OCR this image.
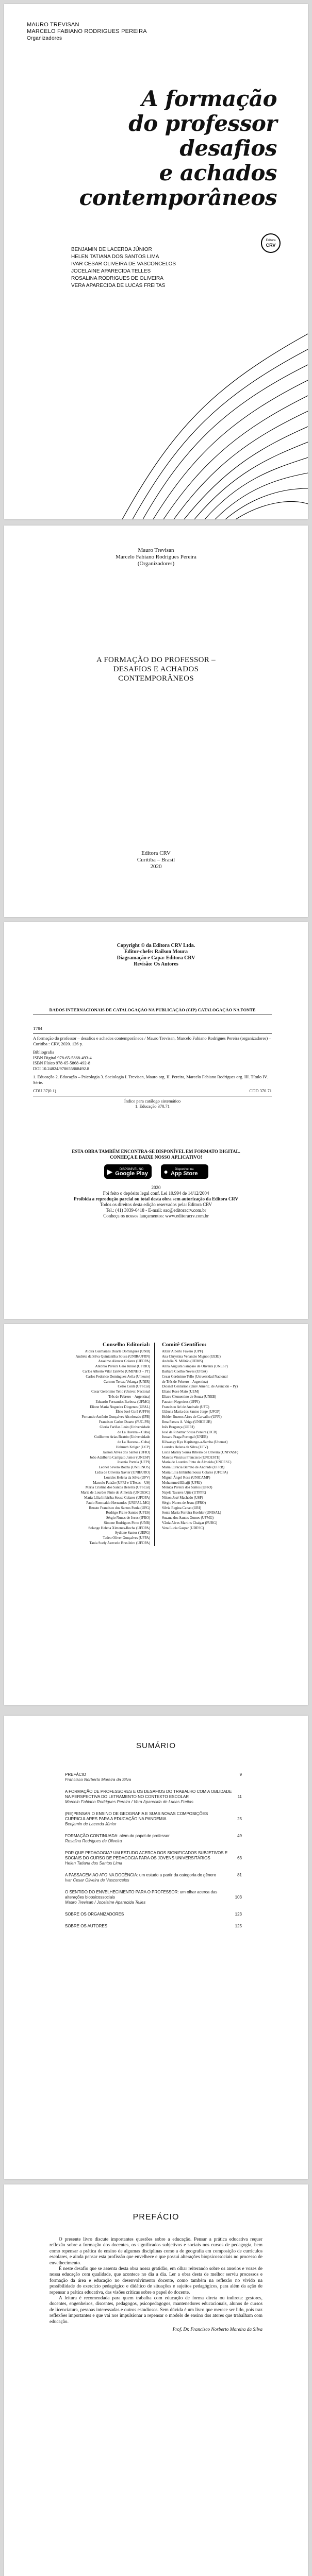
MAURO TREVISAN
MARCELO FABIANO RODRIGUES PEREIRA
Organizadores
A formação
do professor
desafios
e achados
contemporâneos
Editora
CRV
BENJAMIN DE LACERDA JÚNIOR
HELEN TATIANA DOS SANTOS LIMA
IVAR CESAR OLIVEIRA DE VASCONCELOS
JOCELAINE APARECIDA TELLES
ROSALINA RODRIGUES DE OLIVEIRA
VERA APARECIDA DE LUCAS FREITAS
Mauro Trevisan
Marcelo Fabiano Rodrigues Pereira
(Organizadores)
A FORMAÇÃO DO PROFESSOR –
DESAFIOS E ACHADOS
CONTEMPORÂNEOS
Editora CRV
Curitiba – Brasil
2020
Copyright © da Editora CRV Ltda.
Editor-chefe: Railson Moura
Diagramação e Capa: Editora CRV
Revisão: Os Autores
DADOS INTERNACIONAIS DE CATALOGAÇÃO NA PUBLICAÇÃO (CIP) CATALOGAÇÃO NA FONTE
T784
A formação do professor – desafios e achados contemporâneos / Mauro Trevisan, Marcelo Fabiano Rodrigues Pereira (organizadores) – Curitiba : CRV, 2020. 126 p.
Bibliografia
ISBN Digital 978-65-5868-493-4
ISBN Físico 978-65-5868-492-8
DOI 10.24824/978655868492.8
1. Educação 2. Educação – Psicologia 3. Sociologia I. Trevisan, Mauro org. II. Pereira, Marcelo Fabiano Rodrigues org. III. Título IV. Série.
CDU 37(0.1)	CDD 370.71
Índice para catálogo sistemático
1. Educação 370.71
ESTA OBRA TAMBÉM ENCONTRA-SE DISPONÍVEL EM FORMATO DIGITAL.
CONHEÇA E BAIXE NOSSO APLICATIVO!
▶	DISPONÍVEL NO
Google Play ●	Disponível na
App Store
2020
Foi feito o depósito legal conf. Lei 10.994 de 14/12/2004
Proibida a reprodução parcial ou total desta obra sem autorização da Editora CRV
Todos os direitos desta edição reservados pela: Editora CRV
Tel.: (41) 3039-6418 - E-mail: sac@editoracrv.com.br
Conheça os nossos lançamentos: www.editoracrv.com.br
Conselho Editorial:
Aldira Guimarães Duarte Domínguez (UNB)
Andréia da Silva Quintanilha Sousa (UNIR/UFRN)
Anselmo Alencar Colares (UFOPA)
Antônio Pereira Gaio Júnior (UFRRJ)
Carlos Alberto Vilar Estêvão (UMINHO – PT)
Carlos Federico Dominguez Avila (Unieuro)
Carmen Tereza Velanga (UNIR)
Celso Conti (UFSCar)
Cesar Gerónimo Tello (Univer. Nacional
Três de Febrero – Argentina)
Eduardo Fernandes Barbosa (UFMG)
Elione Maria Nogueira Diogenes (UFAL)
Élsio José Corá (UFFS)
Fernando Antônio Gonçalves Alcoforado (IPB)
Francisco Carlos Duarte (PUC-PR)
Gloria Fariñas León (Universidade
de La Havana – Cuba)
Guillermo Arias Beatón (Universidade
de La Havana – Cuba)
Helmuth Krüger (UCP)
Jailson Alves dos Santos (UFRJ)
João Adalberto Campato Junior (UNESP)
Josania Portela (UFPI)
Leonel Severo Rocha (UNISINOS)
Lídia de Oliveira Xavier (UNIEURO)
Lourdes Helena da Silva (UFV)
Marcelo Paixão (UFRJ e UTexas – US)
Maria Cristina dos Santos Bezerra (UFSCar)
Maria de Lourdes Pinto de Almeida (UNOESC)
Maria Lília Imbiriba Sousa Colares (UFOPA)
Paulo Romualdo Hernandes (UNIFAL-MG)
Renato Francisco dos Santos Paula (UFG)
Rodrigo Pratte-Santos (UFES)
Sérgio Nunes de Jesus (IFRO)
Simone Rodrigues Pinto (UNB)
Solange Helena Ximenes-Rocha (UFOPA)
Sydione Santos (UEPG)
Tadeu Oliver Gonçalves (UFPA)
Tania Suely Azevedo Brasileiro (UFOPA)
Comitê Científico:
Altair Alberto Fávero (UPF)
Ana Chrystina Venancio Mignot (UERJ)
Andréia N. Militão (UEMS)
Anna Augusta Sampaio de Oliveira (UNESP)
Barbara Coelho Neves (UFBA)
Cesar Gerónimo Tello (Universidad Nacional
de Três de Febrero – Argentina)
Diosnel Centurion (Univ Americ. de Asunción – Py)
Eliane Rose Maio (UEM)
Elizeu Clementino de Souza (UNEB)
Fauston Negreiros (UFPI)
Francisco Ari de Andrade (UFC)
Gláucia Maria dos Santos Jorge (UFOP)
Helder Buenos Aires de Carvalho (UFPI)
Ilma Passos A. Veiga (UNICEUB)
Inês Bragança (UERJ)
José de Ribamar Sousa Pereira (UCB)
Jussara Fraga Portugal (UNEB)
Kilwangy Kya Kapitango-a-Samba (Unemat)
Lourdes Helena da Silva (UFV)
Lucia Marisy Souza Ribeiro de Oliveira (UNIVASF)
Marcos Vinicius Francisco (UNOESTE)
Maria de Lourdes Pinto de Almeida (UNOESC)
Maria Eurácia Barreto de Andrade (UFRB)
Maria Lília Imbiriba Sousa Colares (UFOPA)
Míguel Ángel Rosa (UNICAMP)
Mohammed Elhajji (UFRJ)
Mônica Pereira dos Santos (UFRJ)
Najela Tavares Ujiie (UTFPR)
Nilson José Machado (USP)
Sérgio Nunes de Jesus (IFRO)
Silvia Regina Canan (URI)
Sonia Maria Ferreira Koehler (UNISAL)
Suzana dos Santos Gomes (UFMG)
Vânia Alves Martins Chaigar (FURG)
Vera Lucia Gaspar (UDESC)
SUMÁRIO
PREFÁCIO	9
Francisco Norberto Moreira da Silva
A FORMAÇÃO DE PROFESSORES E OS DESAFIOS DO TRABALHO COM A OBLIDADE NA PERSPECTIVA DO LETRAMENTO NO CONTEXTO ESCOLAR	11
Marcelo Fabiano Rodrigues Pereira / Vera Aparecida de Lucas Freitas
(RE)PENSAR O ENSINO DE GEOGRAFIA E SUAS NOVAS COMPOSIÇÕES CURRICULARES PARA A EDUCAÇÃO NA PANDEMIA	25
Benjamin de Lacerda Júnior
FORMAÇÃO CONTINUADA: além do papel de professor	49
Rosalina Rodrigues de Oliveira
POR QUE PEDAGOGIA? UM ESTUDO ACERCA DOS SIGNIFICADOS SUBJETIVOS E SOCIAIS DO CURSO DE PEDAGOGIA PARA OS JOVENS UNIVERSITÁRIOS	63
Helen Tatiana dos Santos Lima
A PASSAGEM AO ATO NA DOCÊNCIA: um estudo a partir da categoria do gênero	81
Ivar Cesar Oliveira de Vasconcelos
O SENTIDO DO ENVELHECIMENTO PARA O PROFESSOR: um olhar acerca das alterações biopsicossociais	103
Mauro Trevisan / Jocelaine Aparecida Telles
SOBRE OS ORGANIZADORES	123
SOBRE OS AUTORES	125
PREFÁCIO

O presente livro discute importantes questões sobre a educação. Pensar a prática educativa requer reflexão sobre a formação dos docentes, os significados subjetivos e sociais nos cursos de pedagogia, bem como repensar a prática de ensino de algumas disciplinas como a de geografia em composição de currículos escolares, e ainda pensar esta profissão que envelhece e que possui alterações biopsicossociais no processo de envelhecimento.

É neste desafio que se assenta desta obra nossa gratidão, em olhar reiterando sobre os anseios e vozes de nossa educação com qualidade, que acontece no dia a dia. Ler a obra desta de melhor serviu processos e formação da área e educação no desenvolvimento docente, como também na reflexão no vivido na possibilidade do exercício pedagógico e didático de situações e sujeitos pedagógicos, para além da ação de repensar a prática educativa, das visões críticas sobre o papel do docente.

A leitura é recomendada para quem trabalha com educação de forma direta ou indireta: gestores, docentes, engenheiros, discentes, pedagogos, psicopedagogos, mantenedores educacionais, alunos de cursos de licenciatura, pessoas interessadas e outros estudiosos. Sem dúvida é um livro que merece ser lido, pois traz reflexões importantes e que vai nos impulsionar a repensar o modelo de ensino dos atores que trabalham com educação.

Prof. Dr. Francisco Norberto Moreira da Silva
